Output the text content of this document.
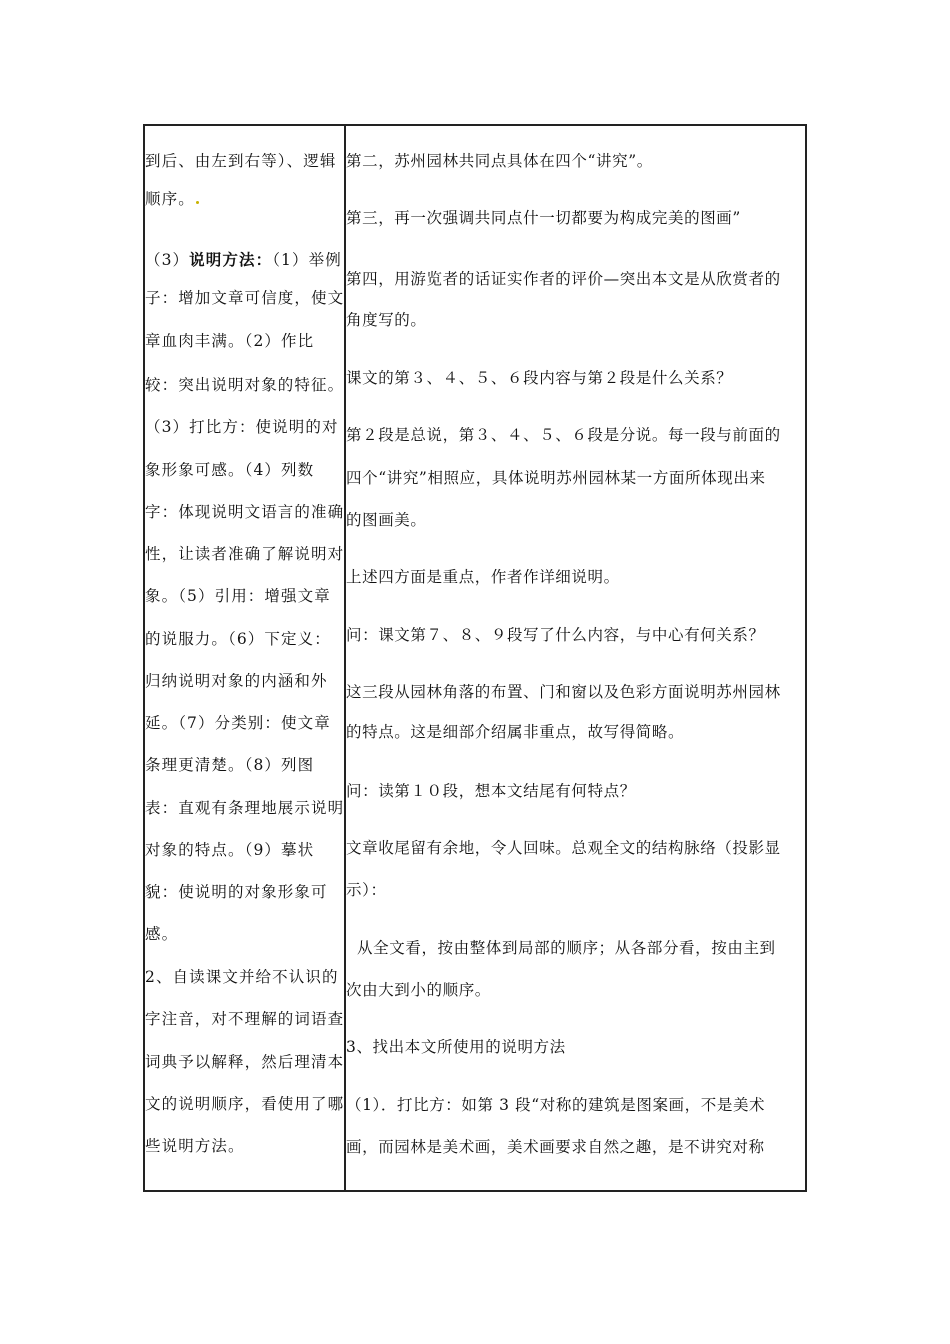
到后、由左到右等）、逻辑
顺序。
（3）说明方法：（1）举例
子：增加文章可信度，使文
章血肉丰满。（2）作比
较：突出说明对象的特征。
（3）打比方：使说明的对
象形象可感。（4）列数
字：体现说明文语言的准确
性，让读者准确了解说明对
象。（5）引用：增强文章
的说服力。（6）下定义：
归纳说明对象的内涵和外
延。（7）分类别：使文章
条理更清楚。（8）列图
表：直观有条理地展示说明
对象的特点。（9）摹状
貌：使说明的对象形象可
感。
2、自读课文并给不认识的
字注音，对不理解的词语查
词典予以解释，然后理清本
文的说明顺序，看使用了哪
些说明方法。
第二，苏州园林共同点具体在四个“讲究”。
第三，再一次强调共同点什一切都要为构成完美的图画”
第四，用游览者的话证实作者的评价—突出本文是从欣赏者的
角度写的。
课文的第３、４、５、６段内容与第２段是什么关系？
第２段是总说，第３、４、５、６段是分说。每一段与前面的
四个“讲究”相照应，具体说明苏州园林某一方面所体现出来
的图画美。
上述四方面是重点，作者作详细说明。
问：课文第７、８、９段写了什么内容，与中心有何关系？
这三段从园林角落的布置、门和窗以及色彩方面说明苏州园林
的特点。这是细部介绍属非重点，故写得简略。
问：读第１０段，想本文结尾有何特点？
文章收尾留有余地，令人回味。总观全文的结构脉络（投影显
示）：
从全文看，按由整体到局部的顺序；从各部分看，按由主到
次由大到小的顺序。
3、找出本文所使用的说明方法
（1）．打比方：如第 3 段“对称的建筑是图案画，不是美术
画，而园林是美术画，美术画要求自然之趣，是不讲究对称
